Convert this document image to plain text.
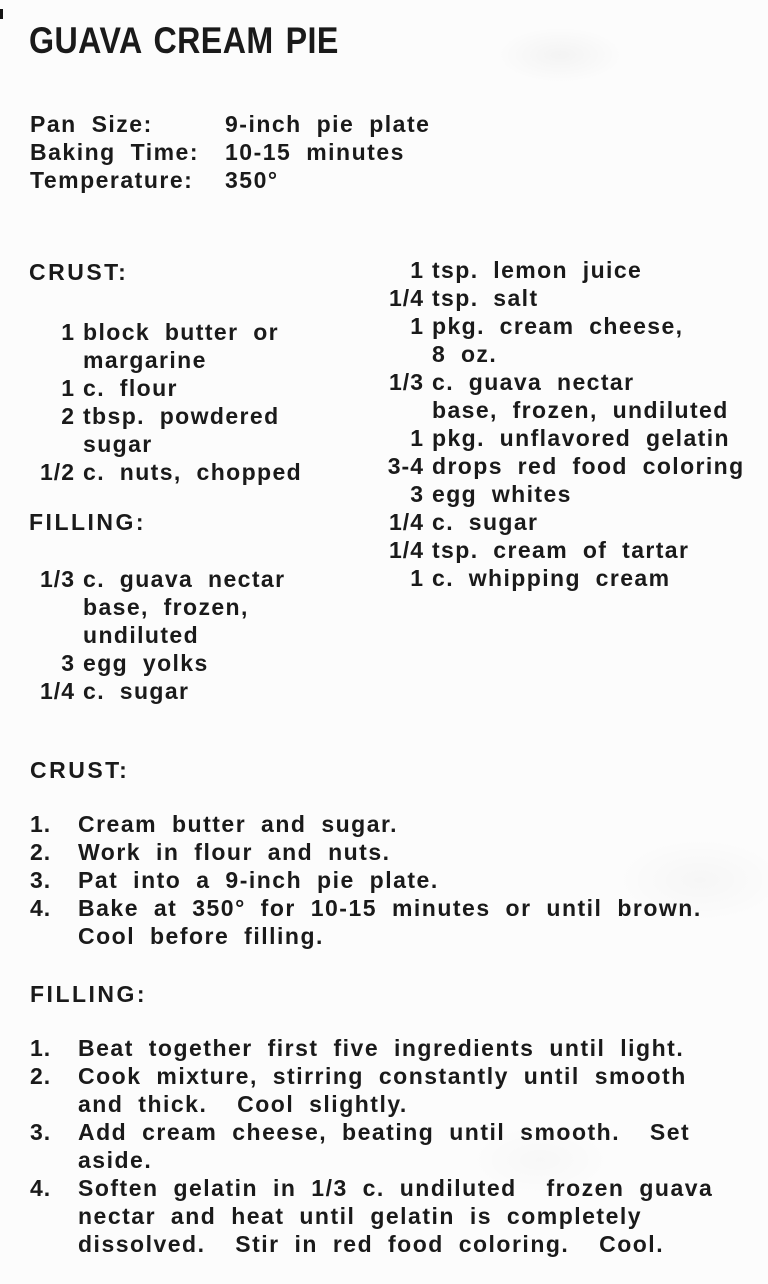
GUAVA CREAM PIE
Pan Size:	9-inch pie plate
Baking Time:	10-15 minutes
Temperature:	350°
CRUST:
1 block butter or
margarine
1 c. flour
2 tbsp. powdered
sugar
1/2 c. nuts, chopped
FILLING:
1/3 c. guava nectar
base, frozen,
undiluted
3 egg yolks
1/4 c. sugar
1 tsp. lemon juice
1/4 tsp. salt
1 pkg. cream cheese,
8 oz.
1/3 c. guava nectar
base, frozen, undiluted
1 pkg. unflavored gelatin
3-4 drops red food coloring
3 egg whites
1/4 c. sugar
1/4 tsp. cream of tartar
1 c. whipping cream
CRUST:
1.	Cream butter and sugar.
2.	Work in flour and nuts.
3.	Pat into a 9-inch pie plate.
4.	Bake at 350° for 10-15 minutes or until brown.
Cool before filling.
FILLING:
1.	Beat together first five ingredients until light.
2.	Cook mixture, stirring constantly until smooth
and thick.  Cool slightly.
3.	Add cream cheese, beating until smooth.  Set
aside.
4.	Soften gelatin in 1/3 c. undiluted  frozen guava
nectar and heat until gelatin is completely
dissolved.  Stir in red food coloring.  Cool.
